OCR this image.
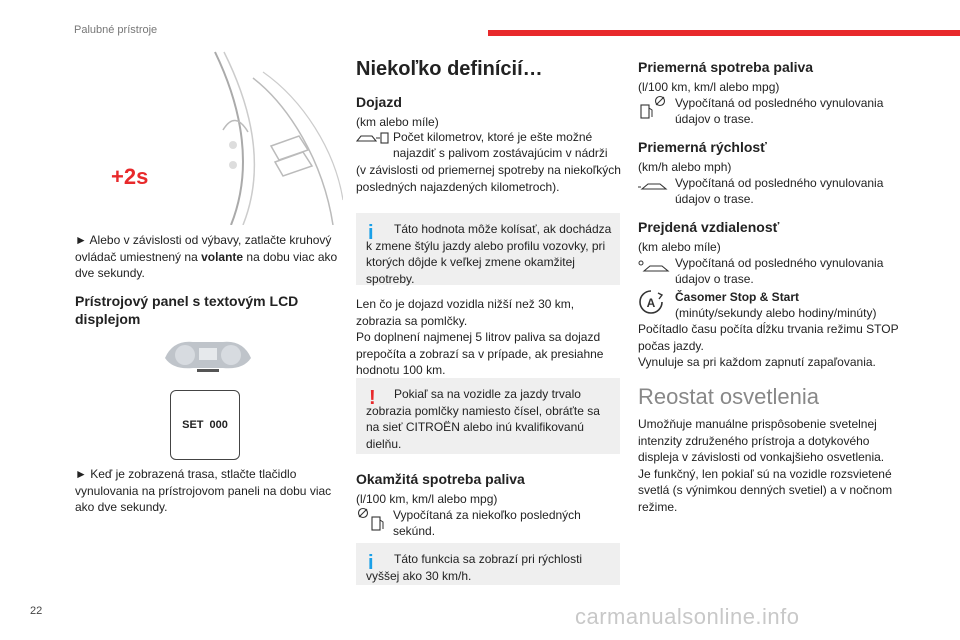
Palubné prístroje
+2s

► Alebo v závislosti od výbavy, zatlačte kruhový ovládač umiestnený na volante na dobu viac ako dve sekundy.

Prístrojový panel s textovým LCD displejom
SET 000

► Keď je zobrazená trasa, stlačte tlačidlo vynulovania na prístrojovom paneli na dobu viac ako dve sekundy.

Niekoľko definícií…
Dojazd

(km alebo míle)

Počet kilometrov, ktoré je ešte možné najazdiť s palivom zostávajúcim v nádrži

(v závislosti od priemernej spotreby na niekoľkých posledných najazdených kilometroch).

i	Táto hodnota môže kolísať, ak dochádza k zmene štýlu jazdy alebo profilu vozovky, pri ktorých dôjde k veľkej zmene okamžitej spotreby.

Len čo je dojazd vozidla nižší než 30 km, zobrazia sa pomlčky.
Po doplnení najmenej 5 litrov paliva sa dojazd prepočíta a zobrazí sa v prípade, ak presiahne hodnotu 100 km.

!	Pokiaľ sa na vozidle za jazdy trvalo zobrazia pomlčky namiesto čísel, obráťte sa na sieť CITROËN alebo inú kvalifikovanú dielňu.
Okamžitá spotreba paliva

(l/100 km, km/l alebo mpg)

Vypočítaná za niekoľko posledných sekúnd.
i	Táto funkcia sa zobrazí pri rýchlosti vyššej ako 30 km/h.
Priemerná spotreba paliva

(l/100 km, km/l alebo mpg)

Vypočítaná od posledného vynulovania údajov o trase.
Priemerná rýchlosť

(km/h alebo mph)

Vypočítaná od posledného vynulovania údajov o trase.
Prejdená vzdialenosť

(km alebo míle)

Vypočítaná od posledného vynulovania údajov o trase.
A Časomer Stop & Start
(minúty/sekundy alebo hodiny/minúty)

Počítadlo času počíta dĺžku trvania režimu STOP počas jazdy.
Vynuluje sa pri každom zapnutí zapaľovania.

Reostat osvetlenia

Umožňuje manuálne prispôsobenie svetelnej intenzity združeného prístroja a dotykového displeja v závislosti od vonkajšieho osvetlenia.
Je funkčný, len pokiaľ sú na vozidle rozsvietené svetlá (s výnimkou denných svetiel) a v nočnom režime.

22	carmanualsonline.info
